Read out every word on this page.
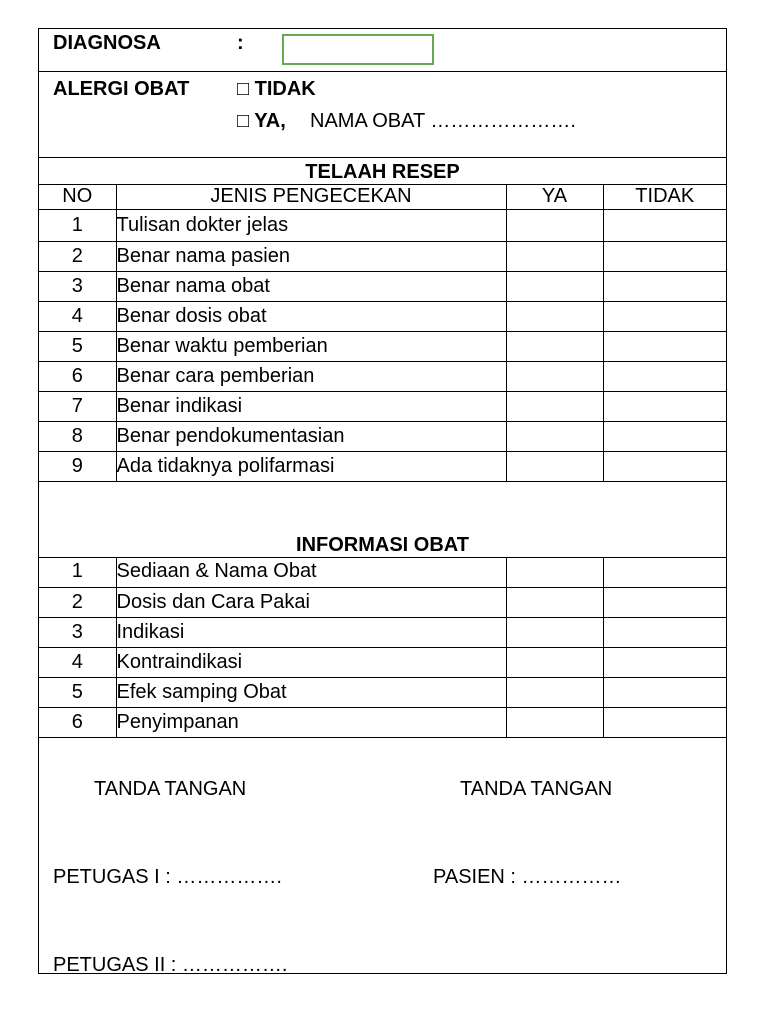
DIAGNOSA	:
ALERGI OBAT □ TIDAK
□ YA, NAMA OBAT ………………….
TELAAH RESEP
NO	JENIS PENGECEKAN	YA	TIDAK
1	Tulisan dokter jelas		
2	Benar nama pasien		
3	Benar nama obat		
4	Benar dosis obat		
5	Benar waktu pemberian		
6	Benar cara pemberian		
7	Benar indikasi		
8	Benar pendokumentasian		
9	Ada tidaknya polifarmasi		
INFORMASI OBAT
1	Sediaan & Nama Obat		
2	Dosis dan Cara Pakai		
3	Indikasi		
4	Kontraindikasi		
5	Efek samping Obat		
6	Penyimpanan		
TANDA TANGAN	TANDA TANGAN
PETUGAS I : …………….	PASIEN : ……………
PETUGAS II : …………….
